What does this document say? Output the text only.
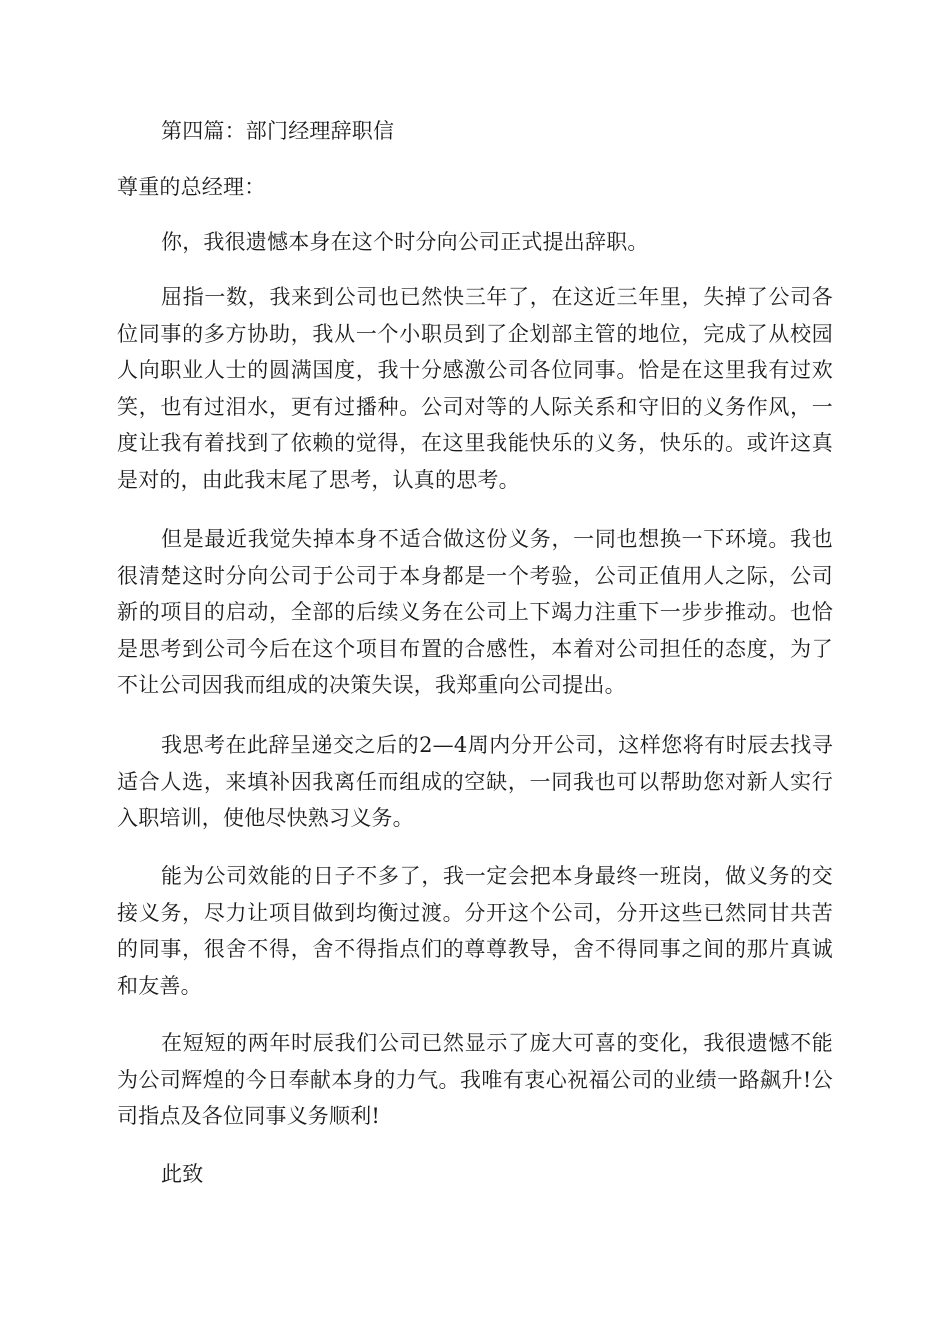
第四篇：部门经理辞职信

尊重的总经理：

你，我很遗憾本身在这个时分向公司正式提出辞职。

屈指一数，我来到公司也已然快三年了，在这近三年里，失掉了公司各位同事的多方协助，我从一个小职员到了企划部主管的地位，完成了从校园人向职业人士的圆满国度，我十分感激公司各位同事。恰是在这里我有过欢笑，也有过泪水，更有过播种。公司对等的人际关系和守旧的义务作风，一度让我有着找到了依赖的觉得，在这里我能快乐的义务，快乐的。或许这真是对的，由此我末尾了思考，认真的思考。

但是最近我觉失掉本身不适合做这份义务，一同也想换一下环境。我也很清楚这时分向公司于公司于本身都是一个考验，公司正值用人之际，公司新的项目的启动，全部的后续义务在公司上下竭力注重下一步步推动。也恰是思考到公司今后在这个项目布置的合感性，本着对公司担任的态度，为了不让公司因我而组成的决策失误，我郑重向公司提出。

我思考在此辞呈递交之后的2—4周内分开公司，这样您将有时辰去找寻适合人选，来填补因我离任而组成的空缺，一同我也可以帮助您对新人实行入职培训，使他尽快熟习义务。

能为公司效能的日子不多了，我一定会把本身最终一班岗，做义务的交接义务，尽力让项目做到均衡过渡。分开这个公司，分开这些已然同甘共苦的同事，很舍不得，舍不得指点们的尊尊教导，舍不得同事之间的那片真诚和友善。

在短短的两年时辰我们公司已然显示了庞大可喜的变化，我很遗憾不能为公司辉煌的今日奉献本身的力气。我唯有衷心祝福公司的业绩一路飙升!公司指点及各位同事义务顺利!

此致
